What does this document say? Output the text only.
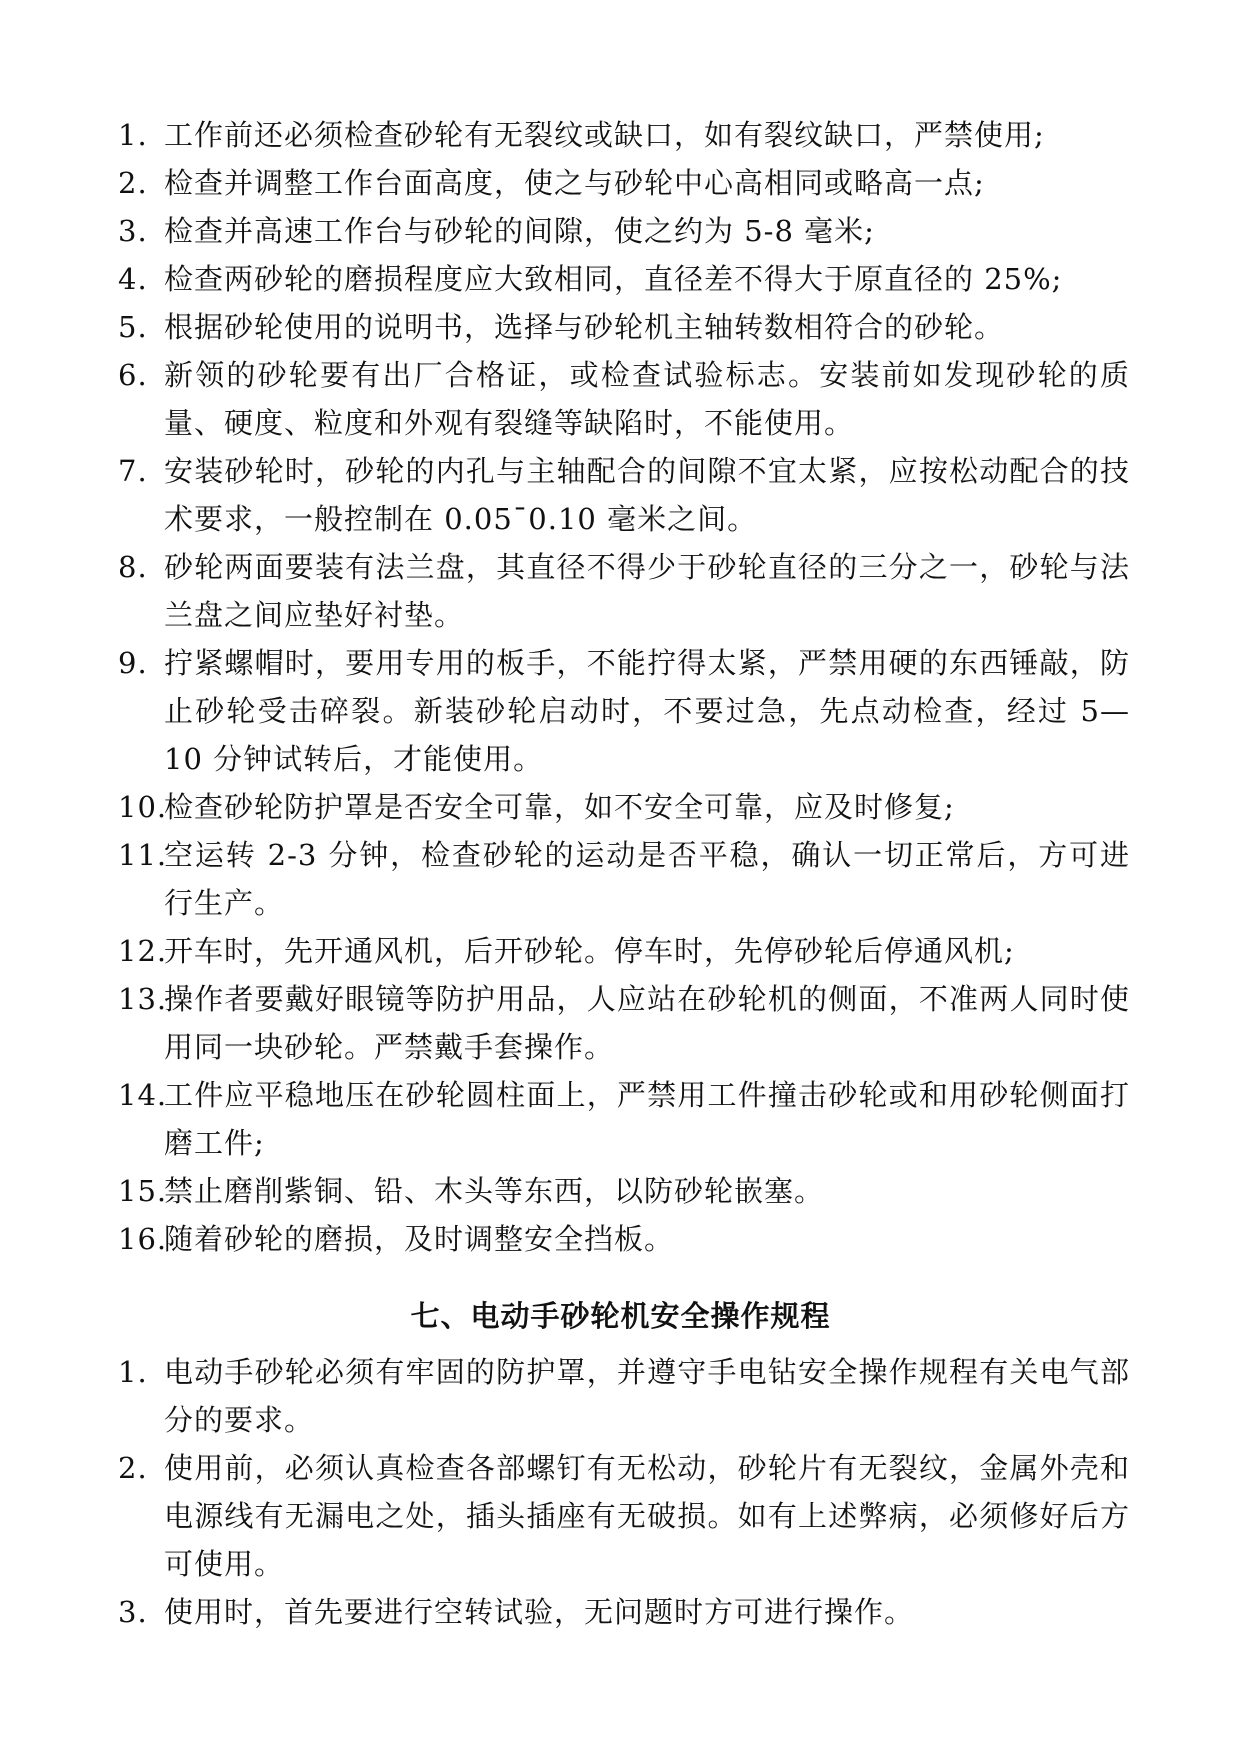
1. 工作前还必须检查砂轮有无裂纹或缺口，如有裂纹缺口，严禁使用;
2. 检查并调整工作台面高度，使之与砂轮中心高相同或略高一点;
3. 检查并高速工作台与砂轮的间隙，使之约为 5-8 毫米;
4. 检查两砂轮的磨损程度应大致相同，直径差不得大于原直径的 25%;
5. 根据砂轮使用的说明书，选择与砂轮机主轴转数相符合的砂轮。
6. 新领的砂轮要有出厂合格证，或检查试验标志。安装前如发现砂轮的质量、硬度、粒度和外观有裂缝等缺陷时，不能使用。
7. 安装砂轮时，砂轮的内孔与主轴配合的间隙不宜太紧，应按松动配合的技术要求，一般控制在 0.05¯0.10 毫米之间。
8. 砂轮两面要装有法兰盘，其直径不得少于砂轮直径的三分之一，砂轮与法兰盘之间应垫好衬垫。
9. 拧紧螺帽时，要用专用的板手，不能拧得太紧，严禁用硬的东西锤敲，防止砂轮受击碎裂。新装砂轮启动时，不要过急，先点动检查，经过 5—10 分钟试转后，才能使用。
10.
检查砂轮防护罩是否安全可靠，如不安全可靠，应及时修复;
11.
空运转 2-3 分钟，检查砂轮的运动是否平稳，确认一切正常后，方可进行生产。
12.
开车时，先开通风机，后开砂轮。停车时，先停砂轮后停通风机;
13.
操作者要戴好眼镜等防护用品，人应站在砂轮机的侧面，不准两人同时使用同一块砂轮。严禁戴手套操作。
14.
工件应平稳地压在砂轮圆柱面上，严禁用工件撞击砂轮或和用砂轮侧面打磨工件;
15.
禁止磨削紫铜、铅、木头等东西，以防砂轮嵌塞。
16.
随着砂轮的磨损，及时调整安全挡板。
七、电动手砂轮机安全操作规程
1. 电动手砂轮必须有牢固的防护罩，并遵守手电钻安全操作规程有关电气部分的要求。
2. 使用前，必须认真检查各部螺钉有无松动，砂轮片有无裂纹，金属外壳和电源线有无漏电之处，插头插座有无破损。如有上述弊病，必须修好后方可使用。
3. 使用时，首先要进行空转试验，无问题时方可进行操作。
